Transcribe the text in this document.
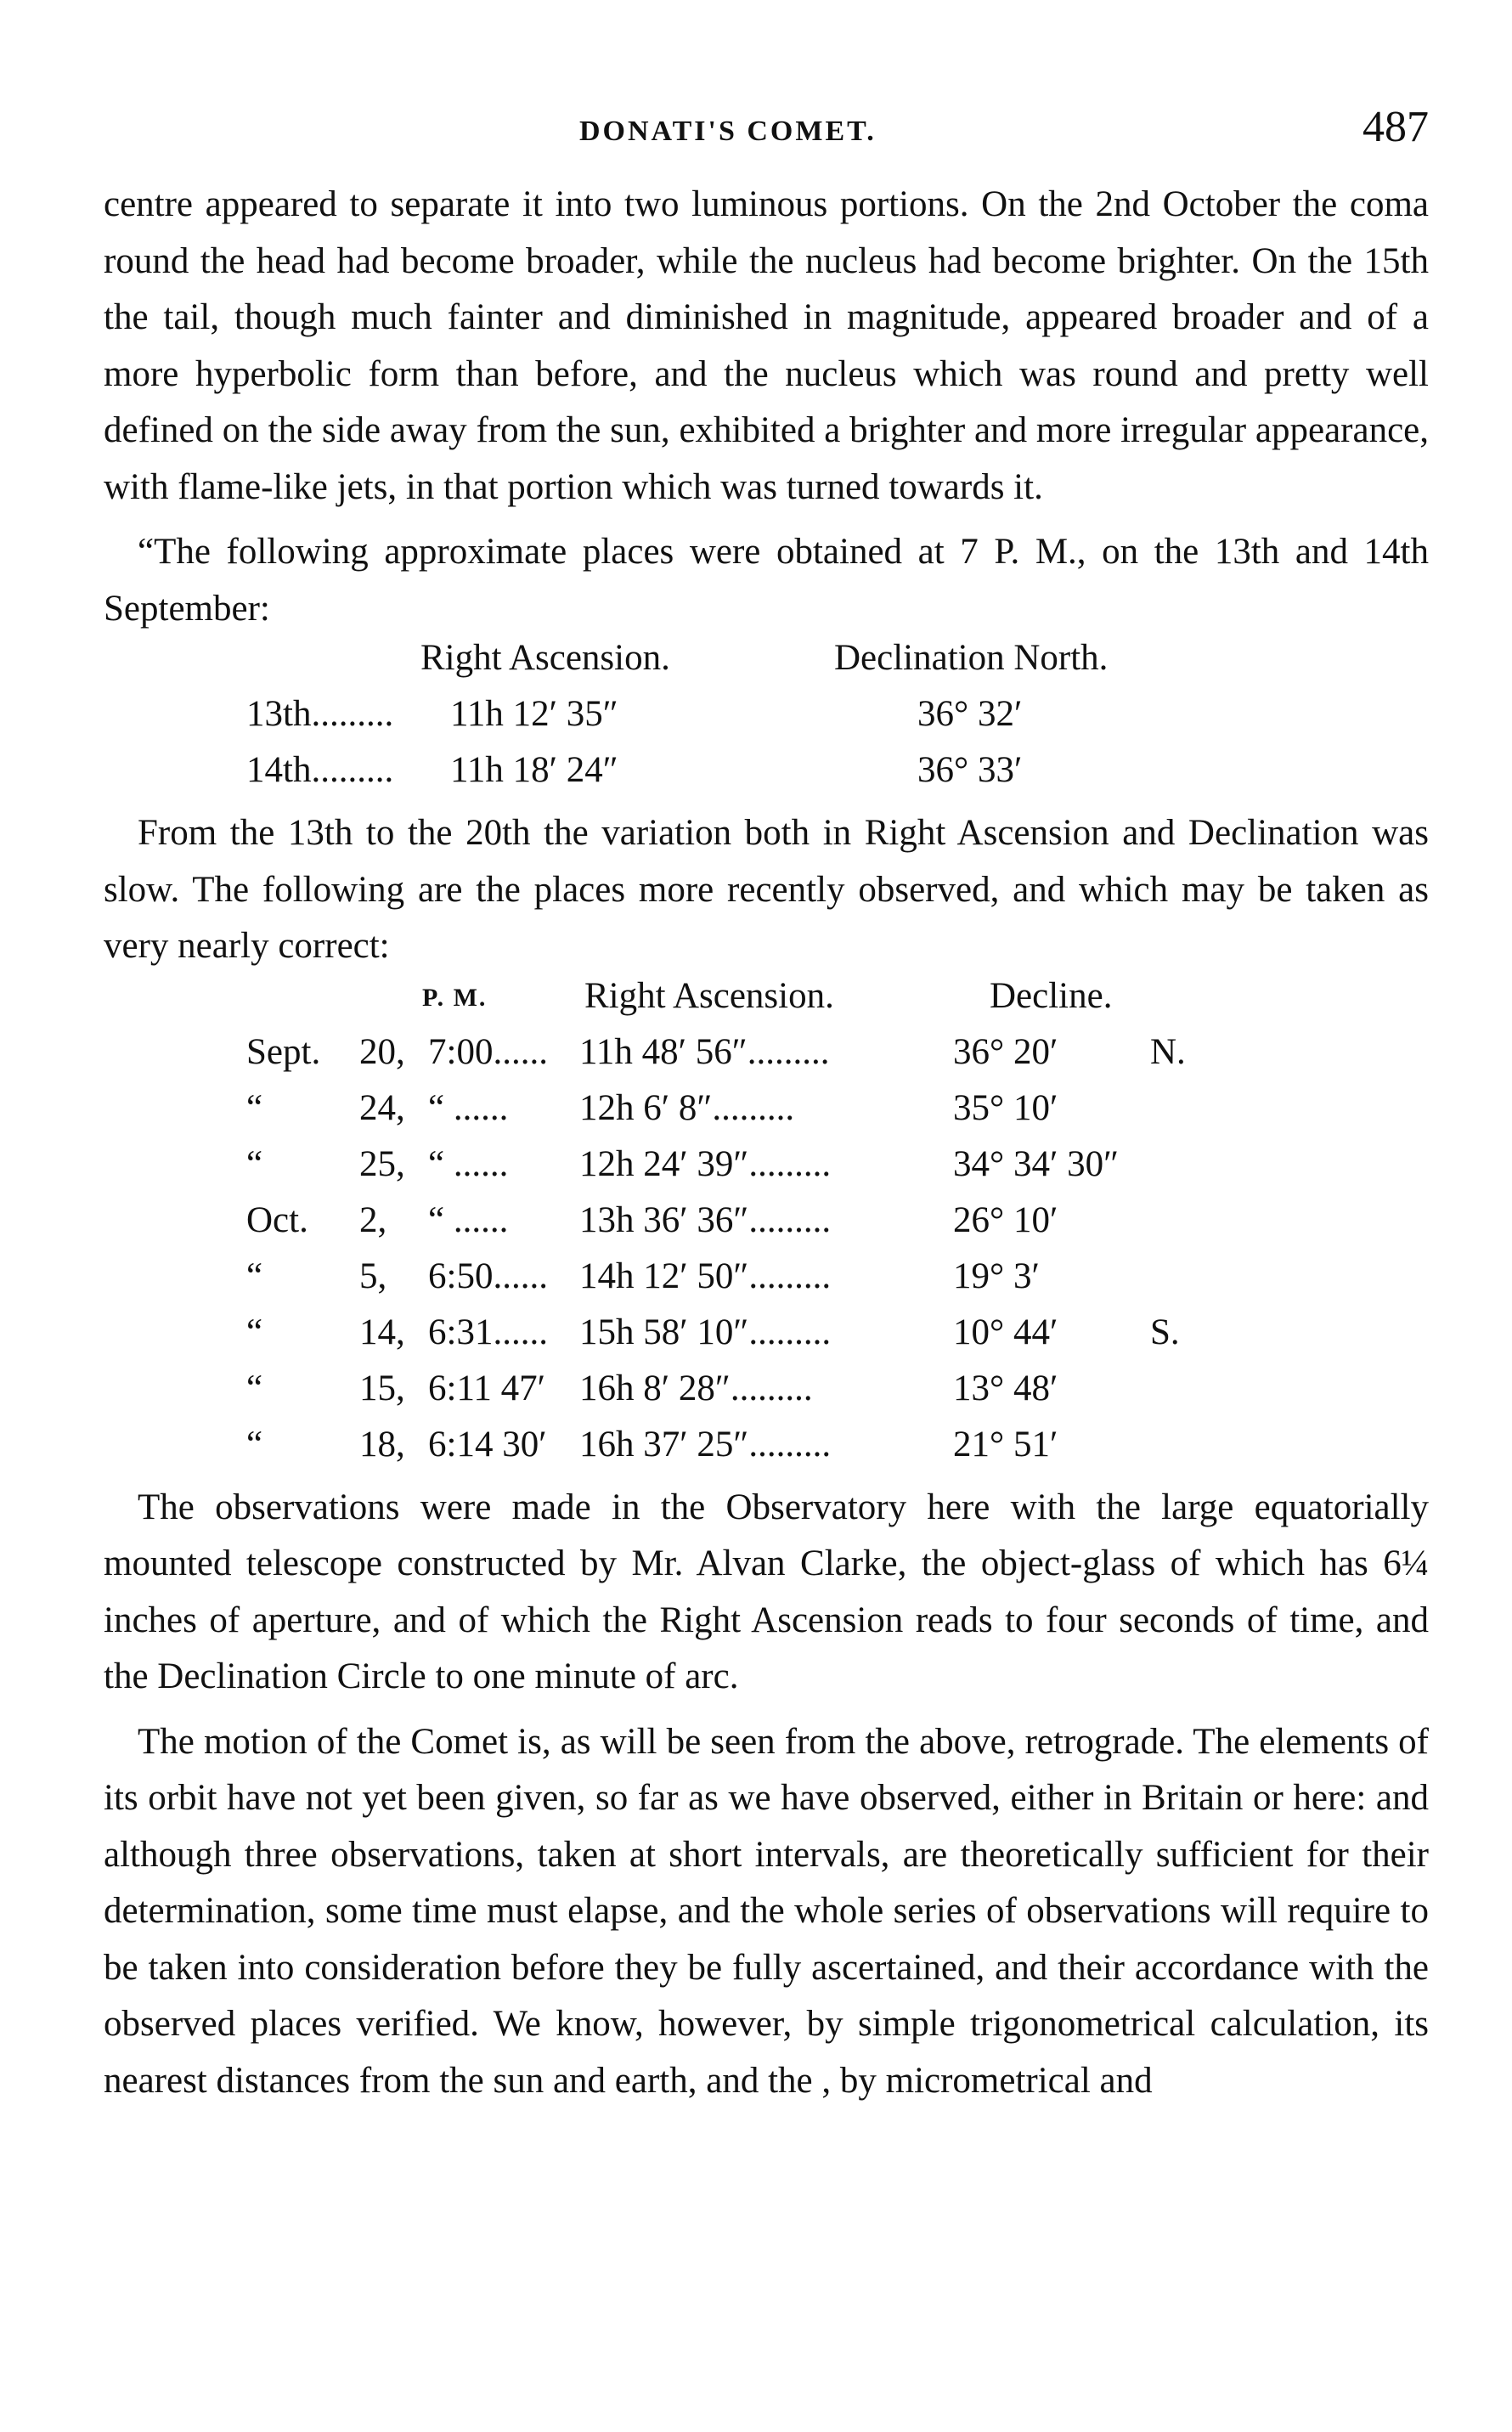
DONATI'S COMET.	487

centre appeared to separate it into two luminous portions. On the 2nd October the coma round the head had become broader, while the nucleus had become brighter. On the 15th the tail, though much fainter and diminished in magnitude, appeared broader and of a more hyperbolic form than before, and the nucleus which was round and pretty well defined on the side away from the sun, exhibited a brighter and more irregular appearance, with flame-like jets, in that portion which was turned towards it.

“The following approximate places were obtained at 7 P. M., on the 13th and 14th September:

Right Ascension.	Declination North.
13th......... 11h 12′ 35″	36° 32′
14th......... 11h 18′ 24″	36° 33′

From the 13th to the 20th the variation both in Right Ascension and Declination was slow. The following are the places more recently observed, and which may be taken as very nearly correct:

P. M.	Right Ascension.	Decline.
Sept. 20, 7:00...... 11h 48′ 56″.........	36° 20′	N.
“	24, “ ...... 12h 6′ 8″.........	35° 10′
“	25, “ ...... 12h 24′ 39″.........	34° 34′ 30″
Oct. 2, “ ...... 13h 36′ 36″.........	26° 10′
“	5, 6:50...... 14h 12′ 50″.........	19° 3′
“	14, 6:31...... 15h 58′ 10″.........	10° 44′	S.
“	15, 6:11 47′ 16h 8′ 28″.........	13° 48′
“	18, 6:14 30′ 16h 37′ 25″.........	21° 51′

The observations were made in the Observatory here with the large equatorially mounted telescope constructed by Mr. Alvan Clarke, the object-glass of which has 6¼ inches of aperture, and of which the Right Ascension reads to four seconds of time, and the Declination Circle to one minute of arc.

The motion of the Comet is, as will be seen from the above, retrograde. The elements of its orbit have not yet been given, so far as we have observed, either in Britain or here: and although three observations, taken at short intervals, are theoretically sufficient for their determination, some time must elapse, and the whole series of observations will require to be taken into consideration before they be fully ascertained, and their accordance with the observed places verified. We know, however, by simple trigonometrical calculation, its nearest distances from the sun and earth, and the , by micrometrical and
